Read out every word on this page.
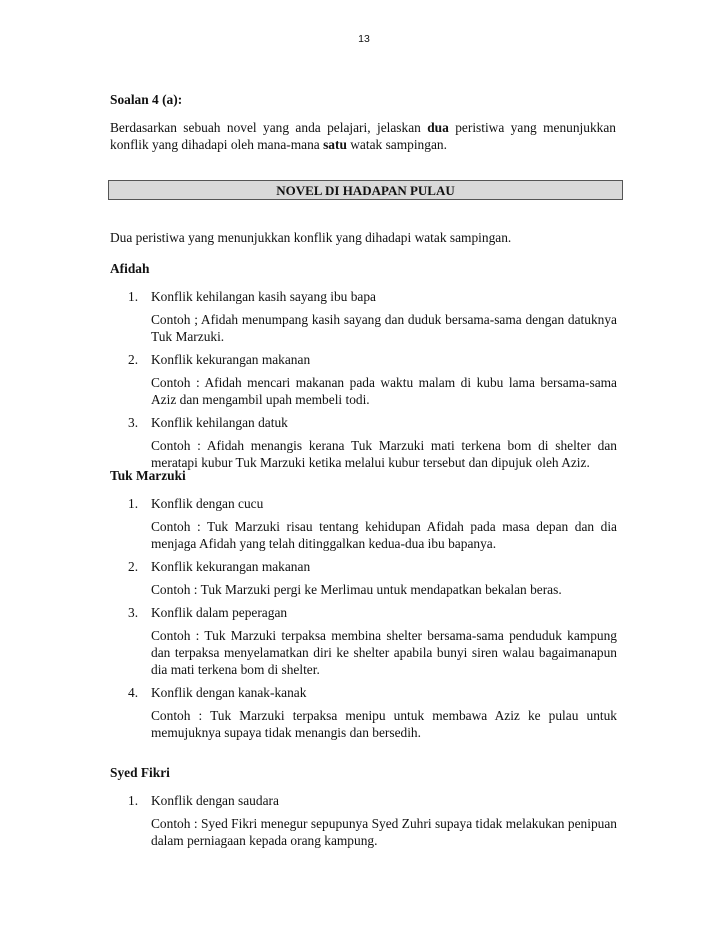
13
Soalan 4 (a):
Berdasarkan sebuah novel yang anda pelajari, jelaskan dua peristiwa yang menunjukkan konflik yang dihadapi oleh mana-mana satu watak sampingan.
NOVEL DI HADAPAN PULAU
Dua peristiwa yang menunjukkan konflik yang dihadapi watak sampingan.
Afidah
1. Konflik kehilangan kasih sayang ibu bapa
Contoh ; Afidah menumpang kasih sayang dan duduk bersama-sama dengan datuknya Tuk Marzuki.
2. Konflik kekurangan makanan
Contoh : Afidah mencari makanan pada waktu malam di kubu lama bersama-sama Aziz dan mengambil upah membeli todi.
3. Konflik kehilangan datuk
Contoh : Afidah menangis kerana Tuk Marzuki mati terkena bom di shelter dan meratapi kubur Tuk Marzuki ketika melalui kubur tersebut dan dipujuk oleh Aziz.
Tuk Marzuki
1. Konflik dengan cucu
Contoh : Tuk Marzuki risau tentang kehidupan Afidah pada masa depan dan dia menjaga Afidah yang telah ditinggalkan kedua-dua ibu bapanya.
2. Konflik kekurangan makanan
Contoh : Tuk Marzuki pergi ke Merlimau untuk mendapatkan bekalan beras.
3. Konflik dalam peperagan
Contoh : Tuk Marzuki terpaksa membina shelter bersama-sama penduduk kampung dan terpaksa menyelamatkan diri ke shelter apabila bunyi siren walau bagaimanapun dia mati terkena bom di shelter.
4. Konflik dengan kanak-kanak
Contoh : Tuk Marzuki terpaksa menipu untuk membawa Aziz ke pulau untuk memujuknya supaya tidak menangis dan bersedih.
Syed Fikri
1. Konflik dengan saudara
Contoh : Syed Fikri menegur sepupunya Syed Zuhri supaya tidak melakukan penipuan dalam perniagaan kepada orang kampung.
